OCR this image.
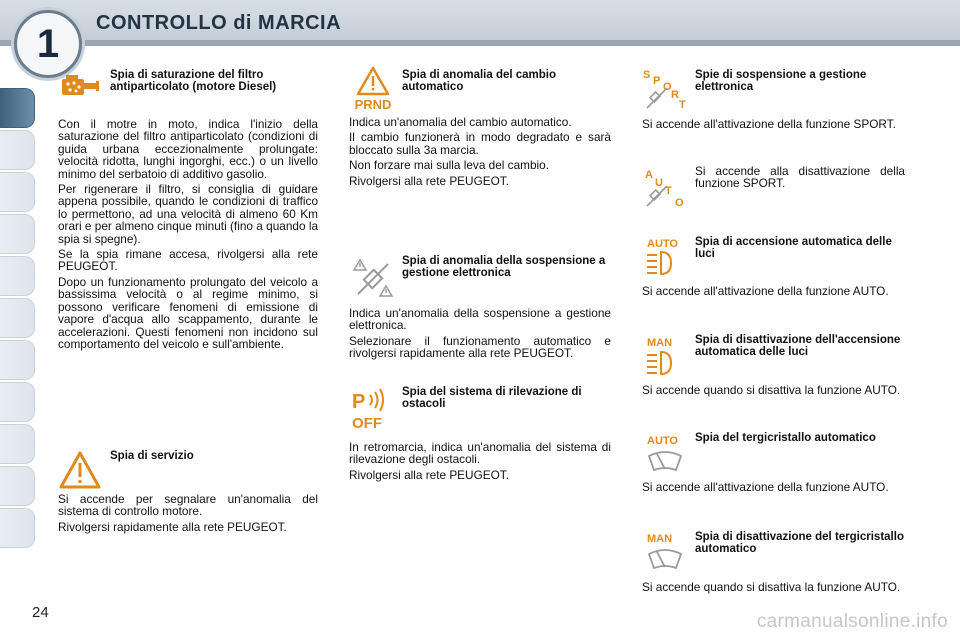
1	CONTROLLO di MARCIA
Spia di saturazione del filtro antiparticolato (motore Diesel)

Con il motre in moto, indica l'inizio della saturazione del filtro antiparticolato (condizioni di guida urbana eccezionalmente prolungate: velocità ridotta, lunghi ingorghi, ecc.) o un livello minimo del serbatoio di additivo gasolio.

Per rigenerare il filtro, si consiglia di guidare appena possibile, quando le condizioni di traffico lo permettono, ad una velocità di almeno 60 Km orari e per almeno cinque minuti (fino a quando la spia si spegne).

Se la spia rimane accesa, rivolgersi alla rete PEUGEOT.

Dopo un funzionamento prolungato del veicolo a bassissima velocità o al regime minimo, si possono verificare fenomeni di emissione di vapore d'acqua allo scappamento, durante le accelerazioni. Questi fenomeni non incidono sul comportamento del veicolo e sull'ambiente.

Spia di servizio

Si accende per segnalare un'anomalia del sistema di controllo motore.

Rivolgersi rapidamente alla rete PEUGEOT.

PRND
Spia di anomalia del cambio automatico

Indica un'anomalia del cambio automatico.

Il cambio funzionerà in modo degradato e sarà bloccato sulla 3a marcia.

Non forzare mai sulla leva del cambio.

Rivolgersi alla rete PEUGEOT.

Spia di anomalia della sospensione a gestione elettronica

Indica un'anomalia della sospensione a gestione elettronica.

Selezionare il funzionamento automatico e rivolgersi rapidamente alla rete PEUGEOT.

P
OFF
Spia del sistema di rilevazione di ostacoli

In retromarcia, indica un'anomalia del sistema di rilevazione degli ostacoli.

Rivolgersi alla rete PEUGEOT.

S P O
R
T
Spie di sospensione a gestione elettronica
Si accende all'attivazione della funzione SPORT.
A
U
T
O
Si accende alla disattivazione della funzione SPORT.
AUTO Spia di accensione automatica delle luci
Si accende all'attivazione della funzione AUTO.
MAN Spia di disattivazione dell'accensione automatica delle luci
Si accende quando si disattiva la funzione AUTO.
AUTO Spia del tergicristallo automatico
Si accende all'attivazione della funzione AUTO.
MAN Spia di disattivazione del tergicristallo automatico
Si accende quando si disattiva la funzione AUTO.
24	carmanualsonline.info
